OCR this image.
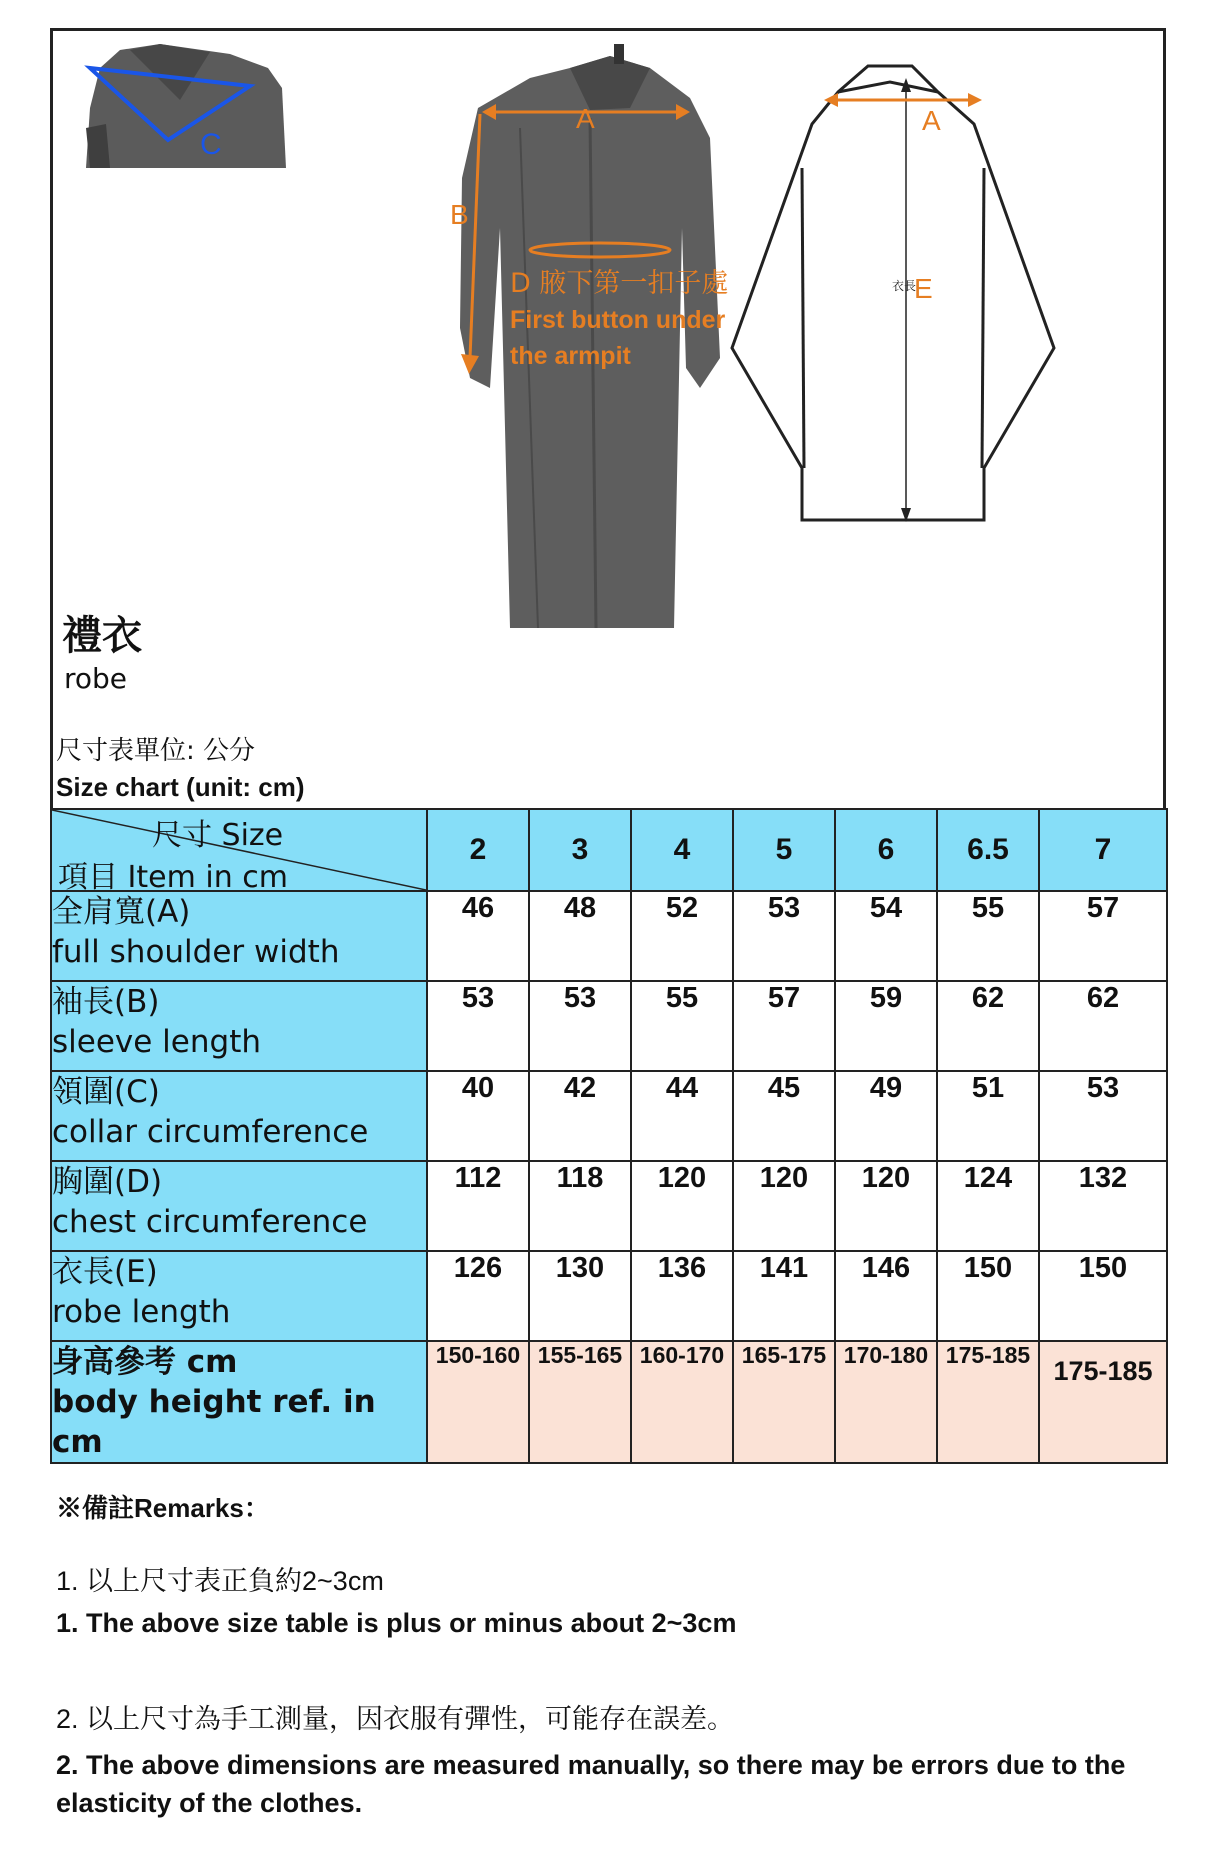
C
A
B
D 腋下第一扣子處
First button under
the armpit
A
衣長
E
禮衣
robe
尺寸表單位: 公分
Size chart (unit: cm)
尺寸 Size
項目 Item in cm	2	3	4	5	6	6.5	7

全肩寬(A)
full shoulder width	46	48	52	53	54	55	57

袖長(B)
sleeve length	53	53	55	57	59	62	62

領圍(C)
collar circumference	40	42	44	45	49	51	53

胸圍(D)
chest circumference	112	118	120	120	120	124	132

衣長(E)
robe length	126	130	136	141	146	150	150

身高參考 cm
body height ref. in cm	150-160	155-165	160-170	165-175	170-180	175-185	175-185
※備註Remarks：
1. 以上尺寸表正負約2~3cm
1. The above size table is plus or minus about 2~3cm
2. 以上尺寸為手工測量，因衣服有彈性，可能存在誤差。
2. The above dimensions are measured manually, so there may be errors due to the elasticity of the clothes.
